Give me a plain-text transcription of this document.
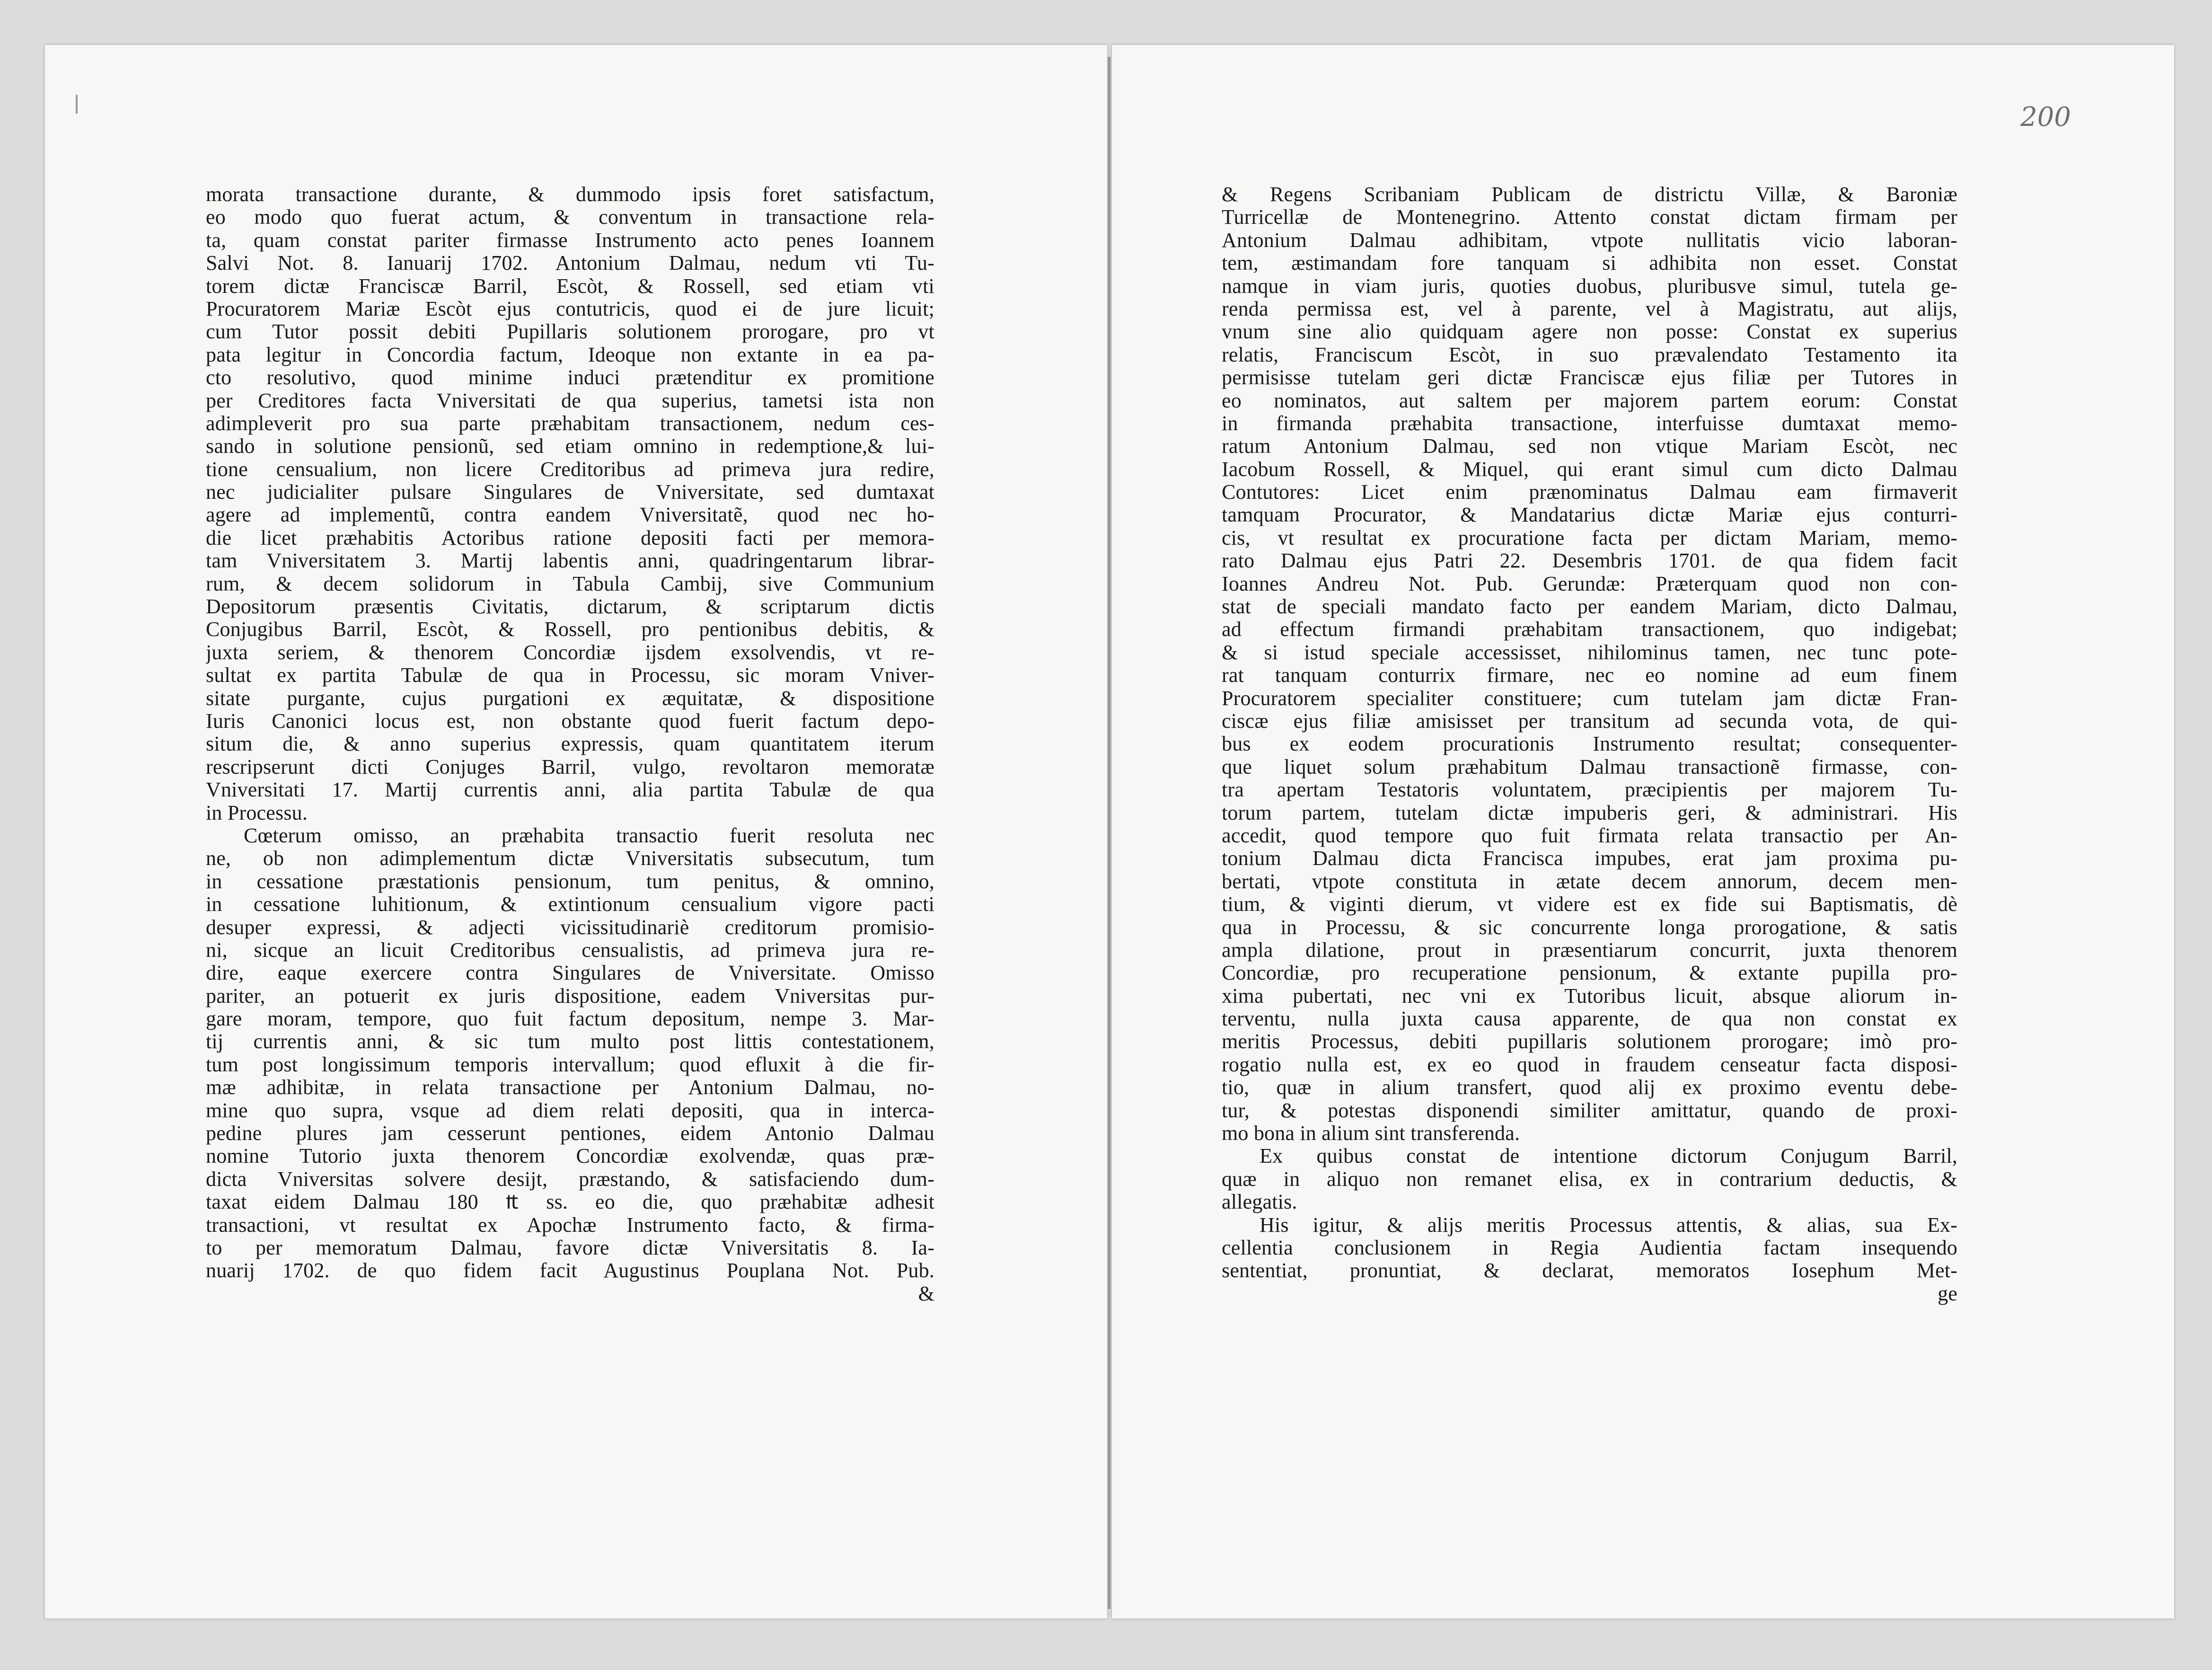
200
morata transactione durante, & dummodo ipsis foret satisfactum,
eo modo quo fuerat actum, & conventum in transactione rela-
ta, quam constat pariter firmasse Instrumento acto penes Ioannem
Salvi Not. 8. Ianuarij 1702. Antonium Dalmau, nedum vti Tu-
torem dictæ Franciscæ Barril, Escòt, & Rossell, sed etiam vti
Procuratorem Mariæ Escòt ejus contutricis, quod ei de jure licuit;
cum Tutor possit debiti Pupillaris solutionem prorogare, pro vt
pata legitur in Concordia factum, Ideoque non extante in ea pa-
cto resolutivo, quod minime induci prætenditur ex promitione
per Creditores facta Vniversitati de qua superius, tametsi ista non
adimpleverit pro sua parte præhabitam transactionem, nedum ces-
sando in solutione pensionũ, sed etiam omnino in redemptione,& lui-
tione censualium, non licere Creditoribus ad primeva jura redire,
nec judicialiter pulsare Singulares de Vniversitate, sed dumtaxat
agere ad implementũ, contra eandem Vniversitatẽ, quod nec ho-
die licet præhabitis Actoribus ratione depositi facti per memora-
tam Vniversitatem 3. Martij labentis anni, quadringentarum librar-
rum, & decem solidorum in Tabula Cambij, sive Communium
Depositorum præsentis Civitatis, dictarum, & scriptarum dictis
Conjugibus Barril, Escòt, & Rossell, pro pentionibus debitis, &
juxta seriem, & thenorem Concordiæ ijsdem exsolvendis, vt re-
sultat ex partita Tabulæ de qua in Processu, sic moram Vniver-
sitate purgante, cujus purgationi ex æquitatæ, & dispositione
Iuris Canonici locus est, non obstante quod fuerit factum depo-
situm die, & anno superius expressis, quam quantitatem iterum
rescripserunt dicti Conjuges Barril, vulgo, revoltaron memoratæ
Vniversitati 17. Martij currentis anni, alia partita Tabulæ de qua
in Processu.
Cœterum omisso, an præhabita transactio fuerit resoluta nec
ne, ob non adimplementum dictæ Vniversitatis subsecutum, tum
in cessatione præstationis pensionum, tum penitus, & omnino,
in cessatione luhitionum, & extintionum censualium vigore pacti
desuper expressi, & adjecti vicissitudinariè creditorum promisio-
ni, sicque an licuit Creditoribus censualistis, ad primeva jura re-
dire, eaque exercere contra Singulares de Vniversitate. Omisso
pariter, an potuerit ex juris dispositione, eadem Vniversitas pur-
gare moram, tempore, quo fuit factum depositum, nempe 3. Mar-
tij currentis anni, & sic tum multo post littis contestationem,
tum post longissimum temporis intervallum; quod efluxit à die fir-
mæ adhibitæ, in relata transactione per Antonium Dalmau, no-
mine quo supra, vsque ad diem relati depositi, qua in interca-
pedine plures jam cesserunt pentiones, eidem Antonio Dalmau
nomine Tutorio juxta thenorem Concordiæ exolvendæ, quas præ-
dicta Vniversitas solvere desijt, præstando, & satisfaciendo dum-
taxat eidem Dalmau 180 ₶ ss. eo die, quo præhabitæ adhesit
transactioni, vt resultat ex Apochæ Instrumento facto, & firma-
to per memoratum Dalmau, favore dictæ Vniversitatis 8. Ia-
nuarij 1702. de quo fidem facit Augustinus Pouplana Not. Pub.
&
& Regens Scribaniam Publicam de districtu Villæ, & Baroniæ
Turricellæ de Montenegrino. Attento constat dictam firmam per
Antonium Dalmau adhibitam, vtpote nullitatis vicio laboran-
tem, æstimandam fore tanquam si adhibita non esset. Constat
namque in viam juris, quoties duobus, pluribusve simul, tutela ge-
renda permissa est, vel à parente, vel à Magistratu, aut alijs,
vnum sine alio quidquam agere non posse: Constat ex superius
relatis, Franciscum Escòt, in suo prævalendato Testamento ita
permisisse tutelam geri dictæ Franciscæ ejus filiæ per Tutores in
eo nominatos, aut saltem per majorem partem eorum: Constat
in firmanda præhabita transactione, interfuisse dumtaxat memo-
ratum Antonium Dalmau, sed non vtique Mariam Escòt, nec
Iacobum Rossell, & Miquel, qui erant simul cum dicto Dalmau
Contutores: Licet enim prænominatus Dalmau eam firmaverit
tamquam Procurator, & Mandatarius dictæ Mariæ ejus conturri-
cis, vt resultat ex procuratione facta per dictam Mariam, memo-
rato Dalmau ejus Patri 22. Desembris 1701. de qua fidem facit
Ioannes Andreu Not. Pub. Gerundæ: Præterquam quod non con-
stat de speciali mandato facto per eandem Mariam, dicto Dalmau,
ad effectum firmandi præhabitam transactionem, quo indigebat;
& si istud speciale accessisset, nihilominus tamen, nec tunc pote-
rat tanquam conturrix firmare, nec eo nomine ad eum finem
Procuratorem specialiter constituere; cum tutelam jam dictæ Fran-
ciscæ ejus filiæ amisisset per transitum ad secunda vota, de qui-
bus ex eodem procurationis Instrumento resultat; consequenter-
que liquet solum præhabitum Dalmau transactionẽ firmasse, con-
tra apertam Testatoris voluntatem, præcipientis per majorem Tu-
torum partem, tutelam dictæ impuberis geri, & administrari. His
accedit, quod tempore quo fuit firmata relata transactio per An-
tonium Dalmau dicta Francisca impubes, erat jam proxima pu-
bertati, vtpote constituta in ætate decem annorum, decem men-
tium, & viginti dierum, vt videre est ex fide sui Baptismatis, dè
qua in Processu, & sic concurrente longa prorogatione, & satis
ampla dilatione, prout in præsentiarum concurrit, juxta thenorem
Concordiæ, pro recuperatione pensionum, & extante pupilla pro-
xima pubertati, nec vni ex Tutoribus licuit, absque aliorum in-
terventu, nulla juxta causa apparente, de qua non constat ex
meritis Processus, debiti pupillaris solutionem prorogare; imò pro-
rogatio nulla est, ex eo quod in fraudem censeatur facta disposi-
tio, quæ in alium transfert, quod alij ex proximo eventu debe-
tur, & potestas disponendi similiter amittatur, quando de proxi-
mo bona in alium sint transferenda.
Ex quibus constat de intentione dictorum Conjugum Barril,
quæ in aliquo non remanet elisa, ex in contrarium deductis, &
allegatis.
His igitur, & alijs meritis Processus attentis, & alias, sua Ex-
cellentia conclusionem in Regia Audientia factam insequendo
sententiat, pronuntiat, & declarat, memoratos Iosephum Met-
ge
